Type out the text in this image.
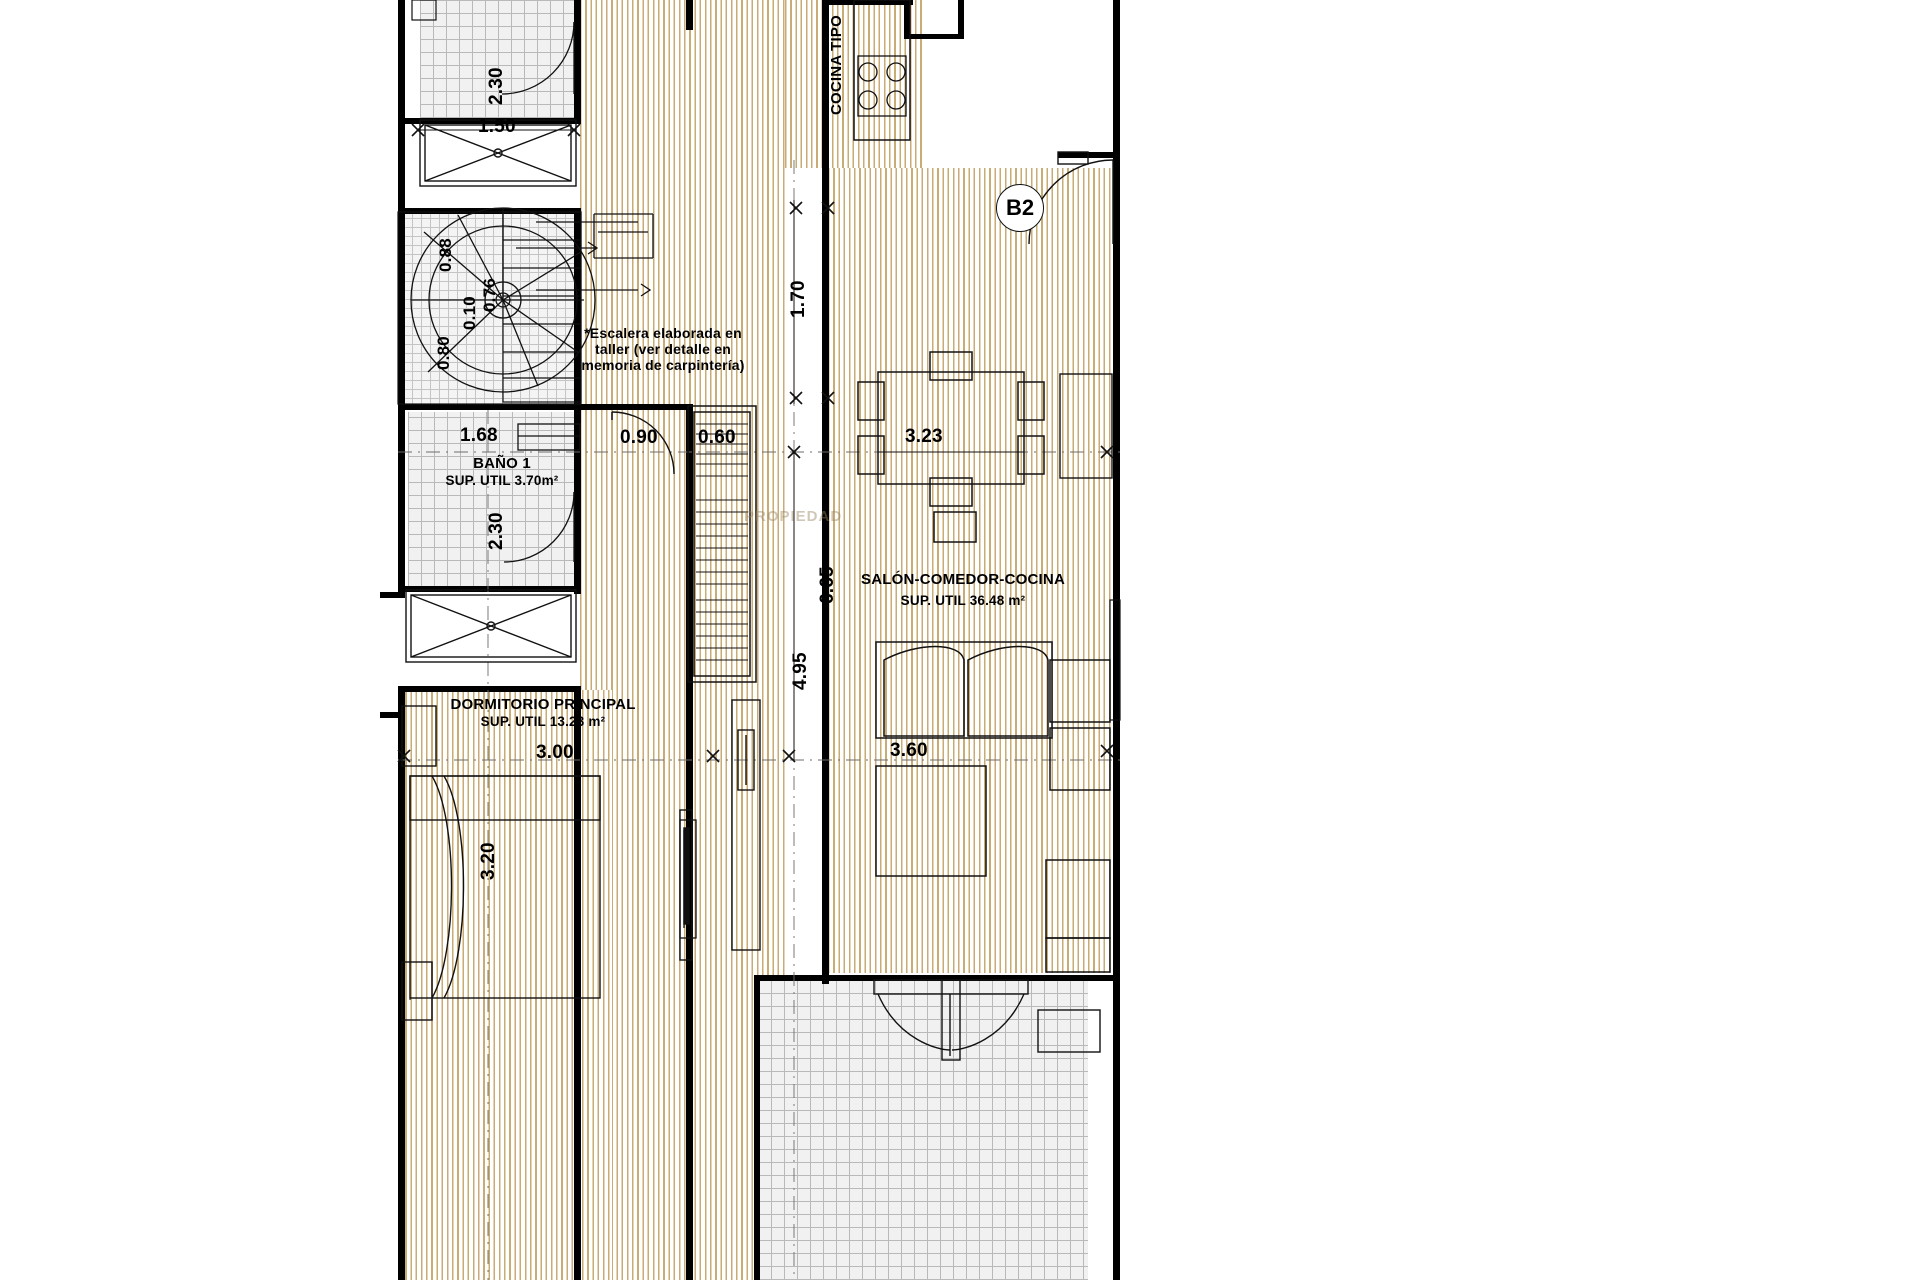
2.30
1.50
0.88
0.10
0.76
0.80
*Escalera elaborada en
taller (ver detalle en
memoria de carpintería)
1.68
BAÑO 1
SUP. UTIL 3.70m²
2.30
0.90 0.60
DORMITORIO PRINCIPAL
SUP. UTIL 13.23 m²
3.00
3.20
3.23
SALÓN-COMEDOR-COCINA
SUP. UTIL 36.48 m²
3.60
1.70
6.65
4.95
COCINA TIPO
B2
PROPIEDAD
